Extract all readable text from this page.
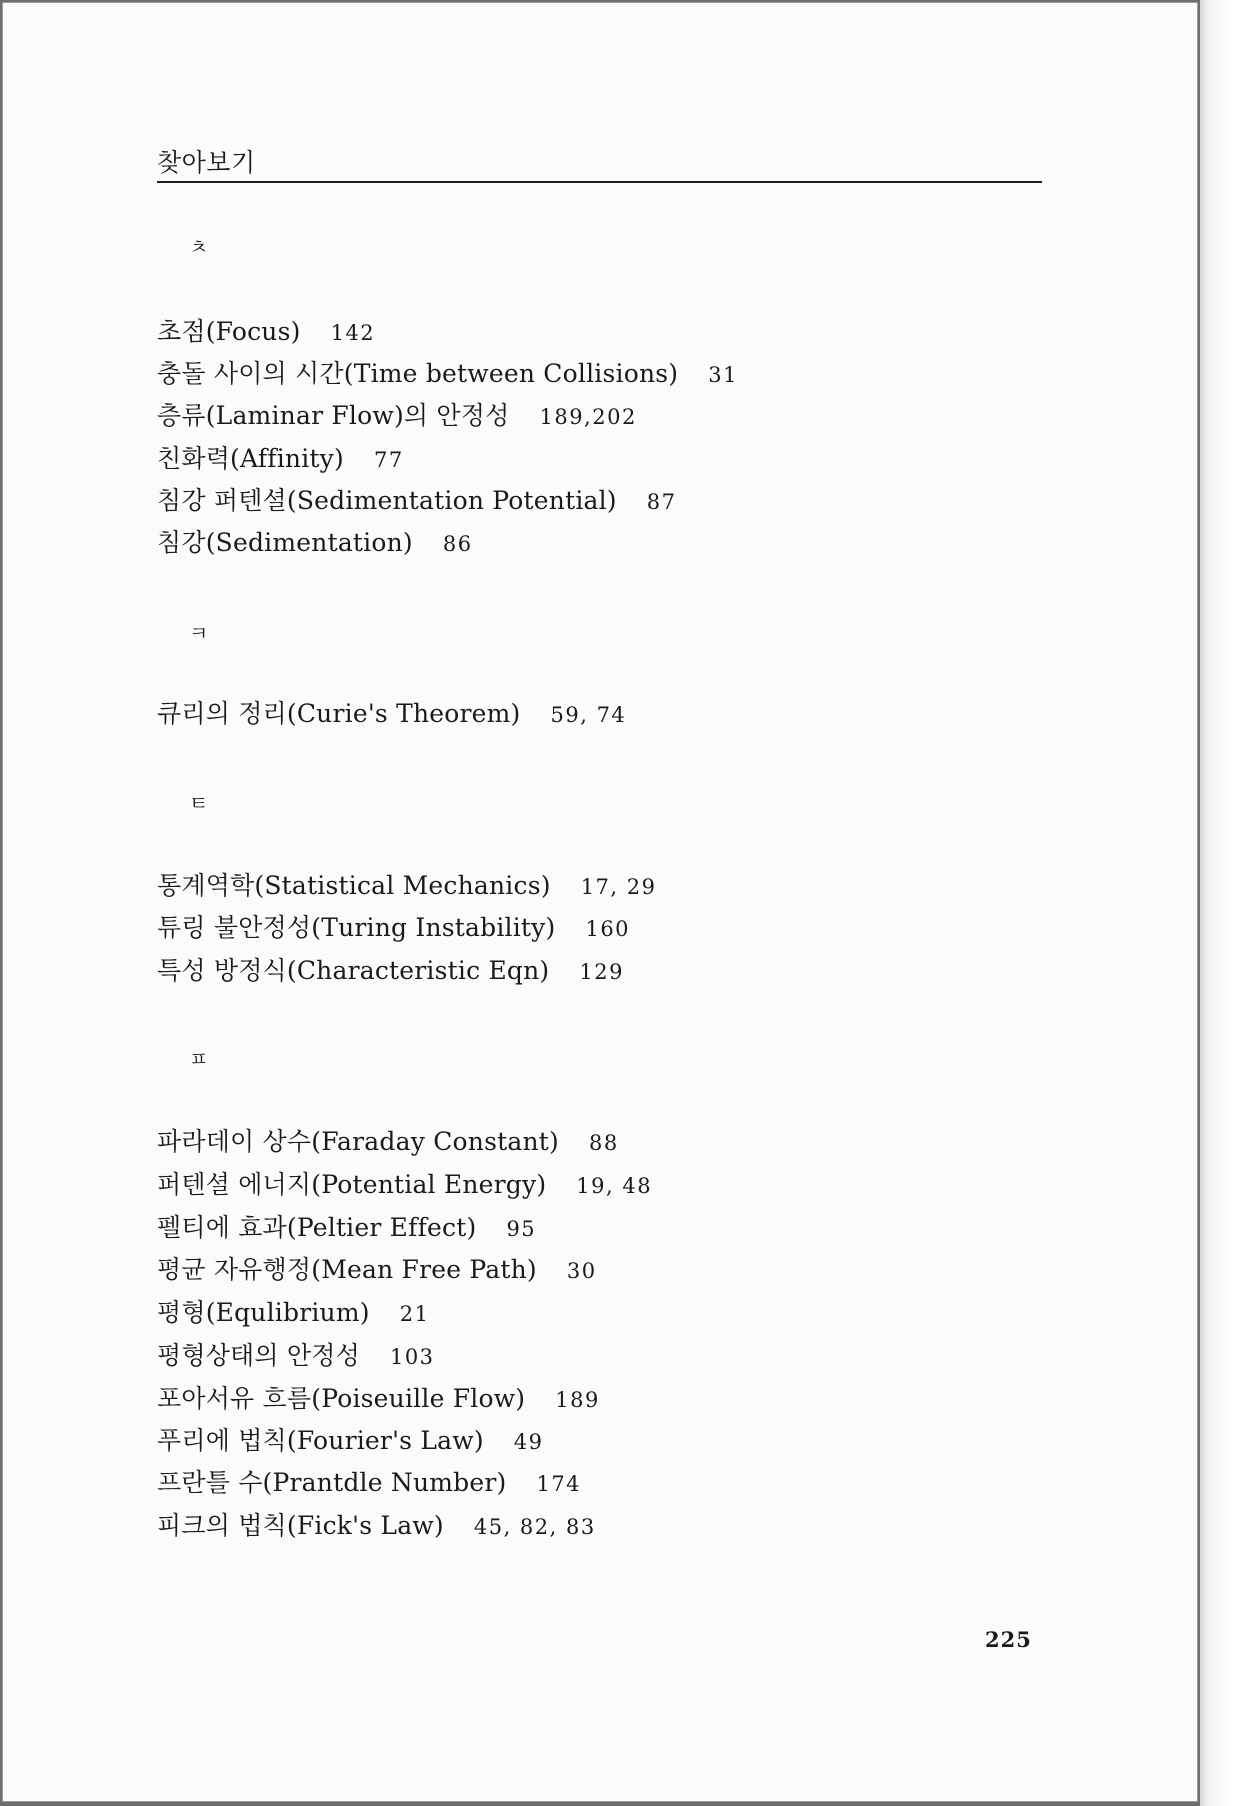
찾아보기
ㅊ
초점(Focus) 142
충돌 사이의 시간(Time between Collisions) 31
층류(Laminar Flow)의 안정성 189,202
친화력(Affinity) 77
침강 퍼텐셜(Sedimentation Potential) 87
침강(Sedimentation) 86
ㅋ
큐리의 정리(Curie's Theorem) 59, 74
ㅌ
통계역학(Statistical Mechanics) 17, 29
튜링 불안정성(Turing Instability) 160
특성 방정식(Characteristic Eqn) 129
ㅍ
파라데이 상수(Faraday Constant) 88
퍼텐셜 에너지(Potential Energy) 19, 48
펠티에 효과(Peltier Effect) 95
평균 자유행정(Mean Free Path) 30
평형(Equlibrium) 21
평형상태의 안정성 103
포아서유 흐름(Poiseuille Flow) 189
푸리에 법칙(Fourier's Law) 49
프란틀 수(Prantdle Number) 174
피크의 법칙(Fick's Law) 45, 82, 83
225
